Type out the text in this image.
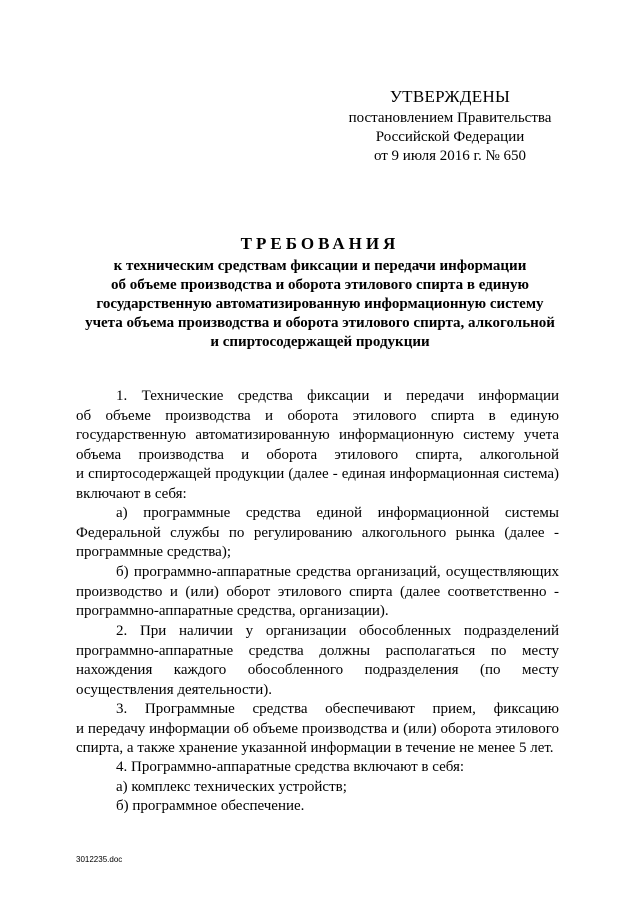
УТВЕРЖДЕНЫ
постановлением Правительства
Российской Федерации
от 9 июля 2016 г. № 650
ТРЕБОВАНИЯ
к техническим средствам фиксации и передачи информации
об объеме производства и оборота этилового спирта в единую
государственную автоматизированную информационную систему
учета объема производства и оборота этилового спирта, алкогольной
и спиртосодержащей продукции
1. Технические средства фиксации и передачи информации
об объеме производства и оборота этилового спирта в единую
государственную автоматизированную информационную систему учета
объема производства и оборота этилового спирта, алкогольной
и спиртосодержащей продукции (далее - единая информационная система)
включают в себя:
а) программные средства единой информационной системы
Федеральной службы по регулированию алкогольного рынка (далее -
программные средства);
б) программно-аппаратные средства организаций, осуществляющих
производство и (или) оборот этилового спирта (далее соответственно -
программно-аппаратные средства, организации).
2. При наличии у организации обособленных подразделений
программно-аппаратные средства должны располагаться по месту
нахождения каждого обособленного подразделения (по месту
осуществления деятельности).
3. Программные средства обеспечивают прием, фиксацию
и передачу информации об объеме производства и (или) оборота этилового
спирта, а также хранение указанной информации в течение не менее 5 лет.
4. Программно-аппаратные средства включают в себя:
а) комплекс технических устройств;
б) программное обеспечение.
3012235.doc
